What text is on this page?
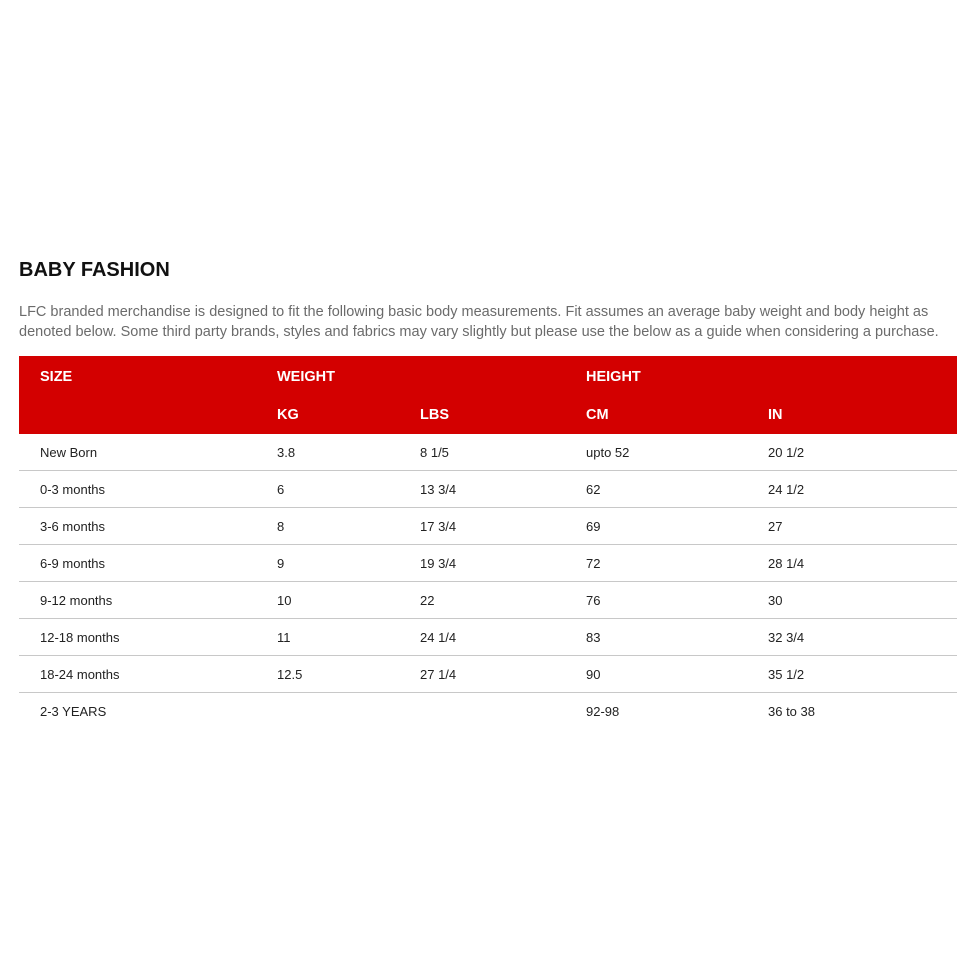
BABY FASHION

LFC branded merchandise is designed to fit the following basic body measurements. Fit assumes an average baby weight and body height as
denoted below. Some third party brands, styles and fabrics may vary slightly but please use the below as a guide when considering a purchase.

SIZE	WEIGHT		HEIGHT	
	KG	LBS	CM	IN
New Born	3.8	8 1/5	upto 52	20 1/2
0-3 months	6	13 3/4	62	24 1/2
3-6 months	8	17 3/4	69	27
6-9 months	9	19 3/4	72	28 1/4
9-12 months	10	22	76	30
12-18 months	11	24 1/4	83	32 3/4
18-24 months	12.5	27 1/4	90	35 1/2
2-3 YEARS			92-98	36 to 38
